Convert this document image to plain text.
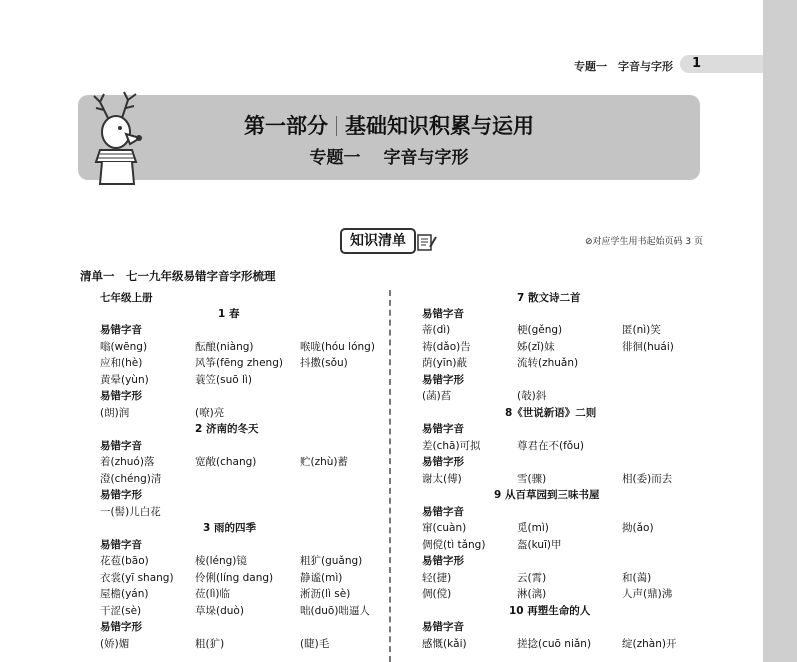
专题一　字音与字形	1
第一部分 基础知识积累与运用
专题一　 字音与字形
知识清单	⊘对应学生用书起始页码 3 页
清单一　七一九年级易错字音字形梳理
七年级上册
1 春
易错字音
嗡(wēng)	酝酿(niàng)	喉咙(hóu lóng)
应和(hè)	风筝(fēng zheng) 抖擞(sǒu)
黄晕(yùn)	蓑笠(suō lì)
易错字形
(朗)润	(嘹)亮
2 济南的冬天
易错字音
着(zhuó)落	宽敞(chang)	贮(zhù)蓄
澄(chéng)清
易错字形
一(髻)儿白花
3 雨的四季
易错字音
花苞(bāo)	棱(léng)镜	粗犷(guǎng)
衣裳(yī shang) 伶俐(líng dang)	静谧(mì)
屋檐(yán)	莅(lì)临	淅沥(lì sè)
干涩(sè)	草垛(duò)	咄(duō)咄逼人
易错字形
(娇)媚	粗(犷)	(睫)毛
7 散文诗二首
易错字音
蒂(dì)	梗(gěng)	匿(nì)笑
祷(dǎo)告	姊(zǐ)妹	徘徊(huái)
荫(yīn)蔽	流转(zhuǎn)
易错字形
(菡)萏	(攲)斜
8《世说新语》二则
易错字音
差(chā)可拟	尊君在不(fǒu)
易错字形
谢太(傅)	雪(骤)	相(委)而去
9 从百草园到三味书屋
易错字音
窜(cuàn)	觅(mì)	拗(ǎo)
倜傥(tì tǎng)	盔(kuī)甲
易错字形
轻(捷)	云(霄)	和(蔼)
倜(傥)	淋(漓)	人声(鼎)沸
10 再塑生命的人
易错字音
感慨(kǎi)	搓捻(cuō niǎn)	绽(zhàn)开
